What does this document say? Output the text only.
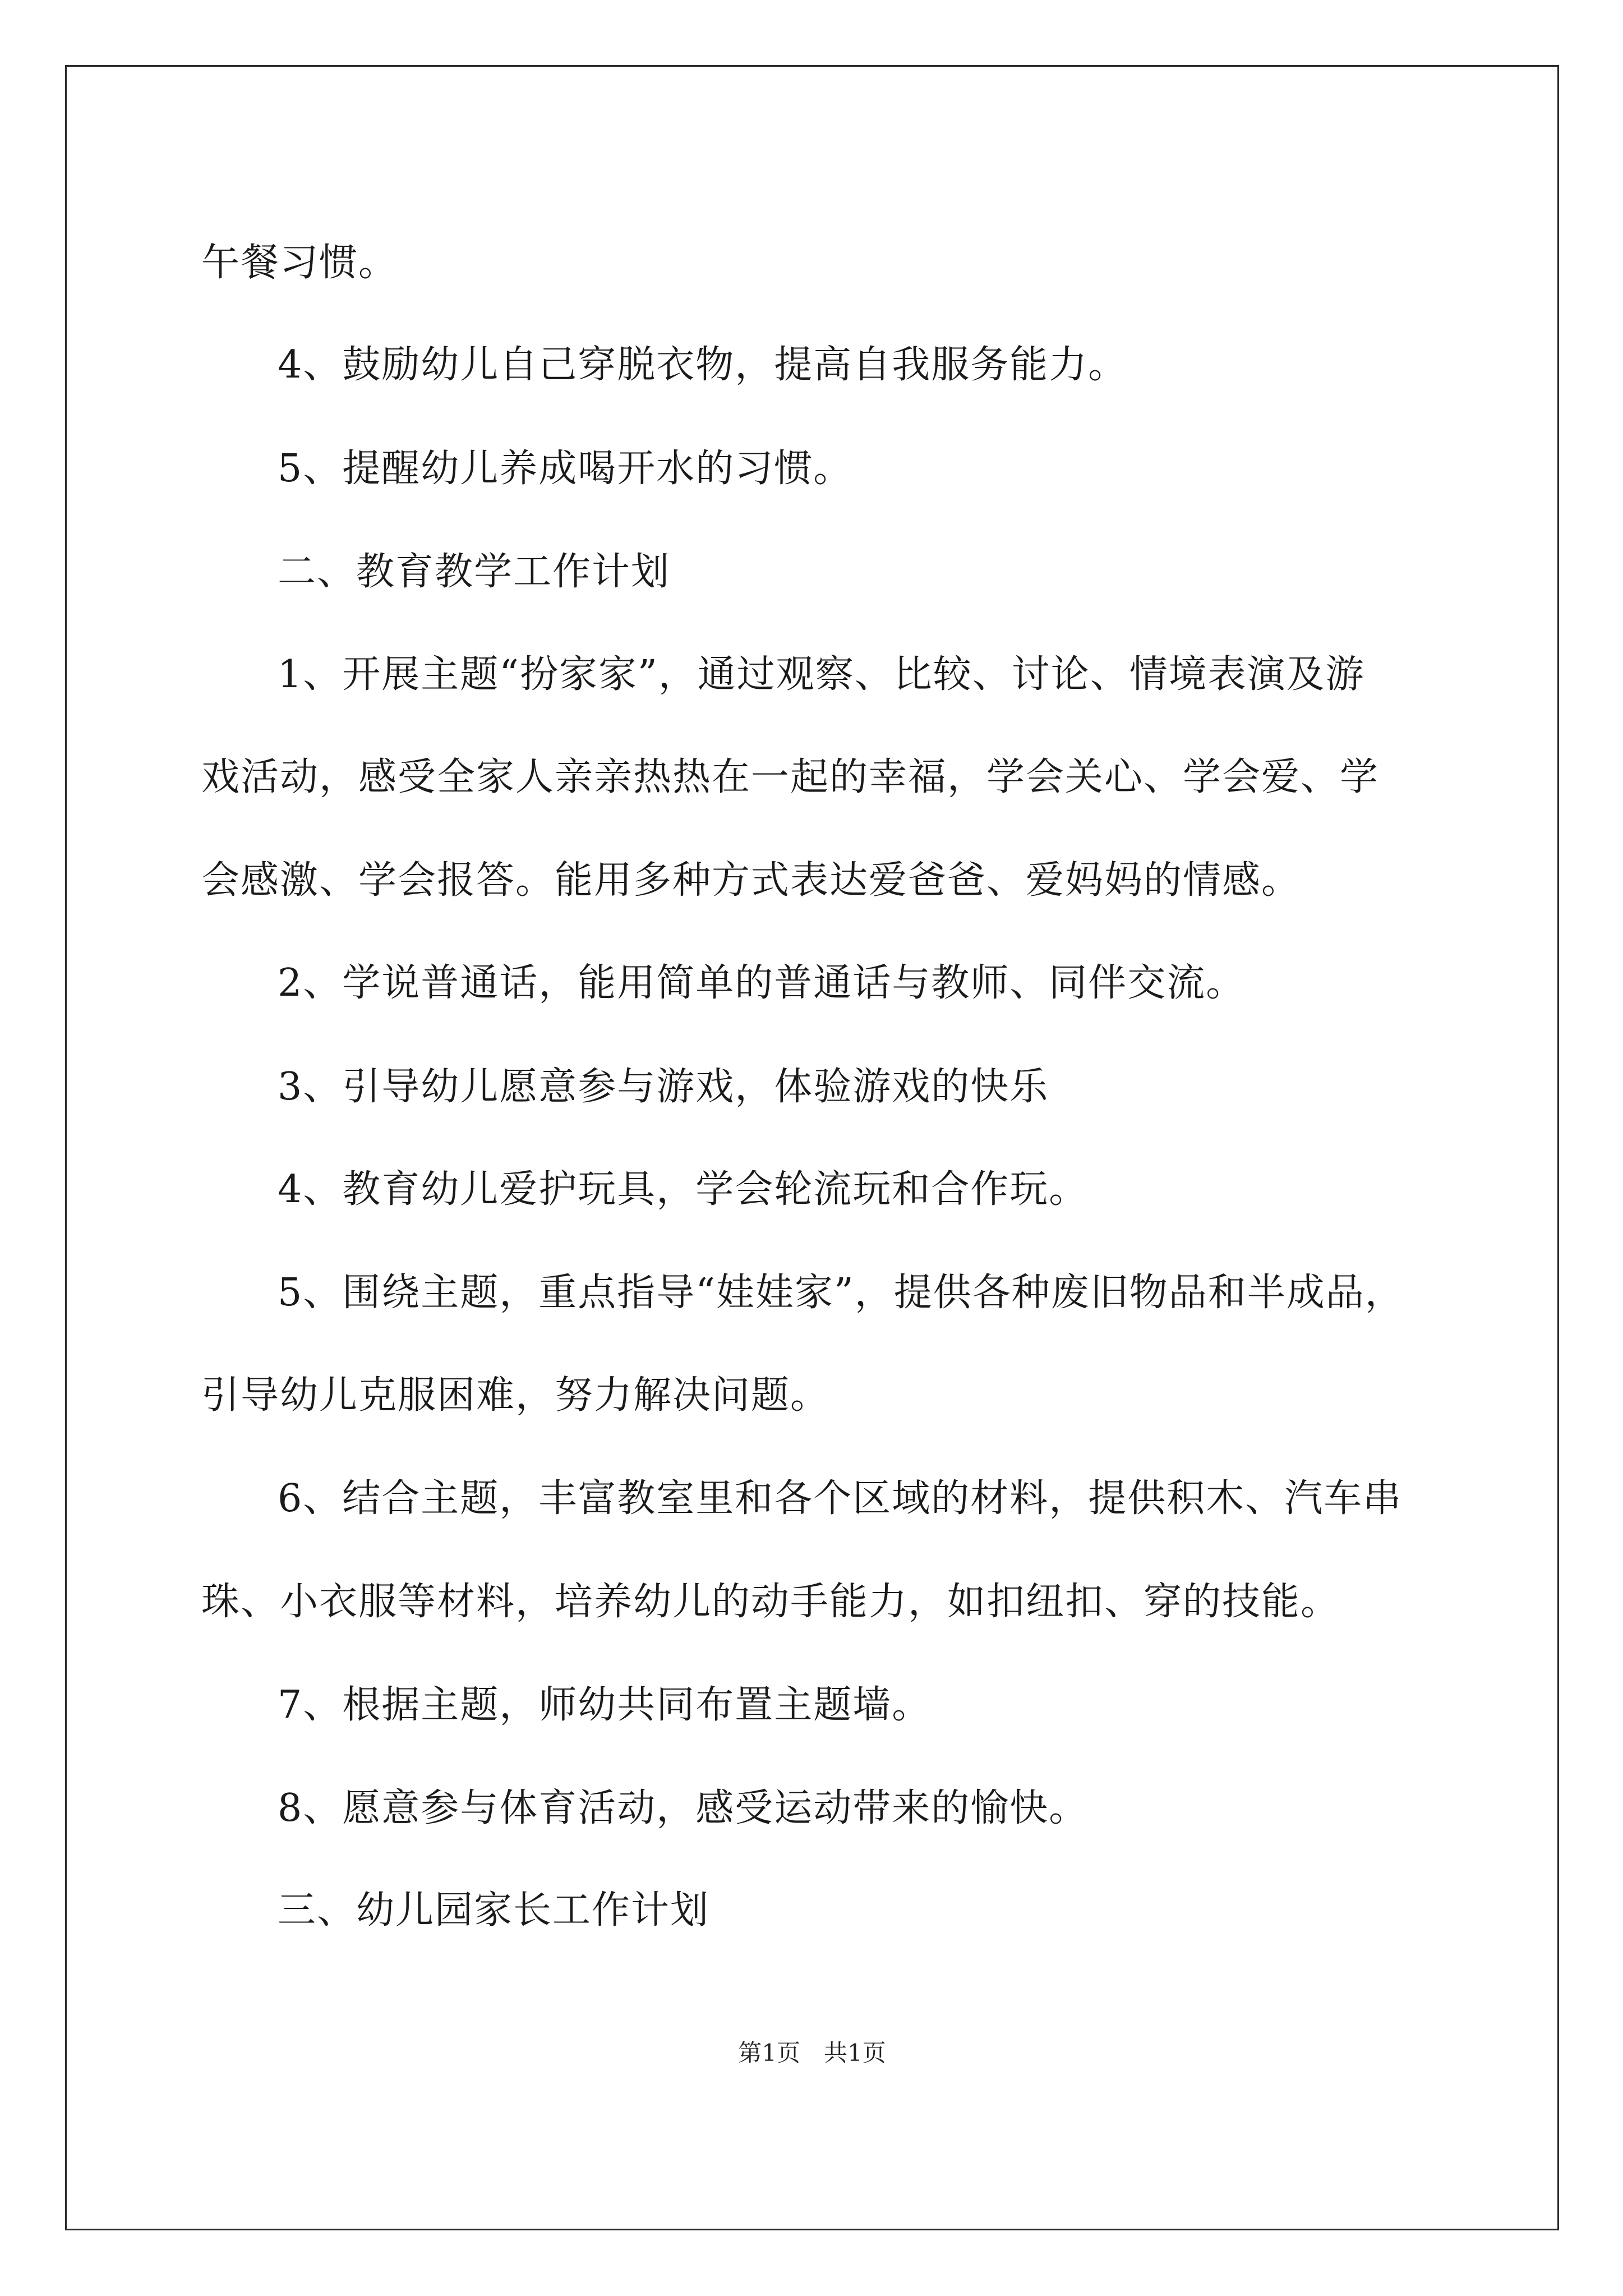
午餐习惯。
4、鼓励幼儿自己穿脱衣物，提高自我服务能力。
5、提醒幼儿养成喝开水的习惯。
二、教育教学工作计划
1、开展主题“扮家家”，通过观察、比较、讨论、情境表演及游
戏活动，感受全家人亲亲热热在一起的幸福，学会关心、学会爱、学
会感激、学会报答。能用多种方式表达爱爸爸、爱妈妈的情感。
2、学说普通话，能用简单的普通话与教师、同伴交流。
3、引导幼儿愿意参与游戏，体验游戏的快乐
4、教育幼儿爱护玩具，学会轮流玩和合作玩。
5、围绕主题，重点指导“娃娃家”，提供各种废旧物品和半成品，
引导幼儿克服困难，努力解决问题。
6、结合主题，丰富教室里和各个区域的材料，提供积木、汽车串
珠、小衣服等材料，培养幼儿的动手能力，如扣纽扣、穿的技能。
7、根据主题，师幼共同布置主题墙。
8、愿意参与体育活动，感受运动带来的愉快。
三、幼儿园家长工作计划
第1页　共1页
